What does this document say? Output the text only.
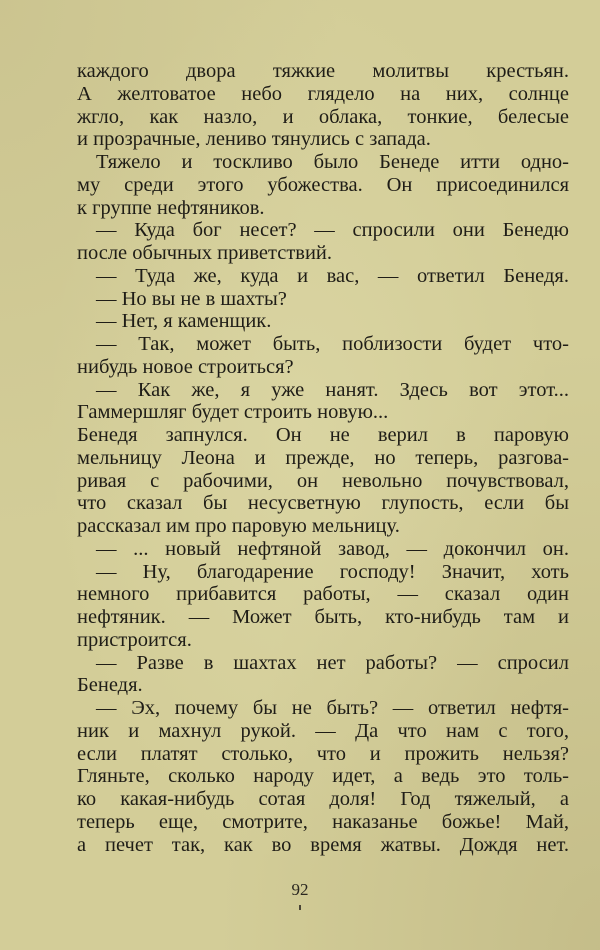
каждого двора тяжкие молитвы крестьян.
А желтоватое небо глядело на них, солнце
жгло, как назло, и облака, тонкие, белесые
и прозрачные, лениво тянулись с запада.
Тяжело и тоскливо было Бенеде итти одно-
му среди этого убожества. Он присоединился
к группе нефтяников.
— Куда бог несет? — спросили они Бенедю
после обычных приветствий.
— Туда же, куда и вас, — ответил Бенедя.
— Но вы не в шахты?
— Нет, я каменщик.
— Так, может быть, поблизости будет что-
нибудь новое строиться?
— Как же, я уже нанят. Здесь вот этот...
Гаммершляг будет строить новую...
Бенедя запнулся. Он не верил в паровую
мельницу Леона и прежде, но теперь, разгова-
ривая с рабочими, он невольно почувствовал,
что сказал бы несусветную глупость, если бы
рассказал им про паровую мельницу.
— ... новый нефтяной завод, — докончил он.
— Ну, благодарение господу! Значит, хоть
немного прибавится работы, — сказал один
нефтяник. — Может быть, кто-нибудь там и
пристроится.
— Разве в шахтах нет работы? — спросил
Бенедя.
— Эх, почему бы не быть? — ответил нефтя-
ник и махнул рукой. — Да что нам с того,
если платят столько, что и прожить нельзя?
Гляньте, сколько народу идет, а ведь это толь-
ко какая-нибудь сотая доля! Год тяжелый, а
теперь еще, смотрите, наказанье божье! Май,
а печет так, как во время жатвы. Дождя нет.
92
